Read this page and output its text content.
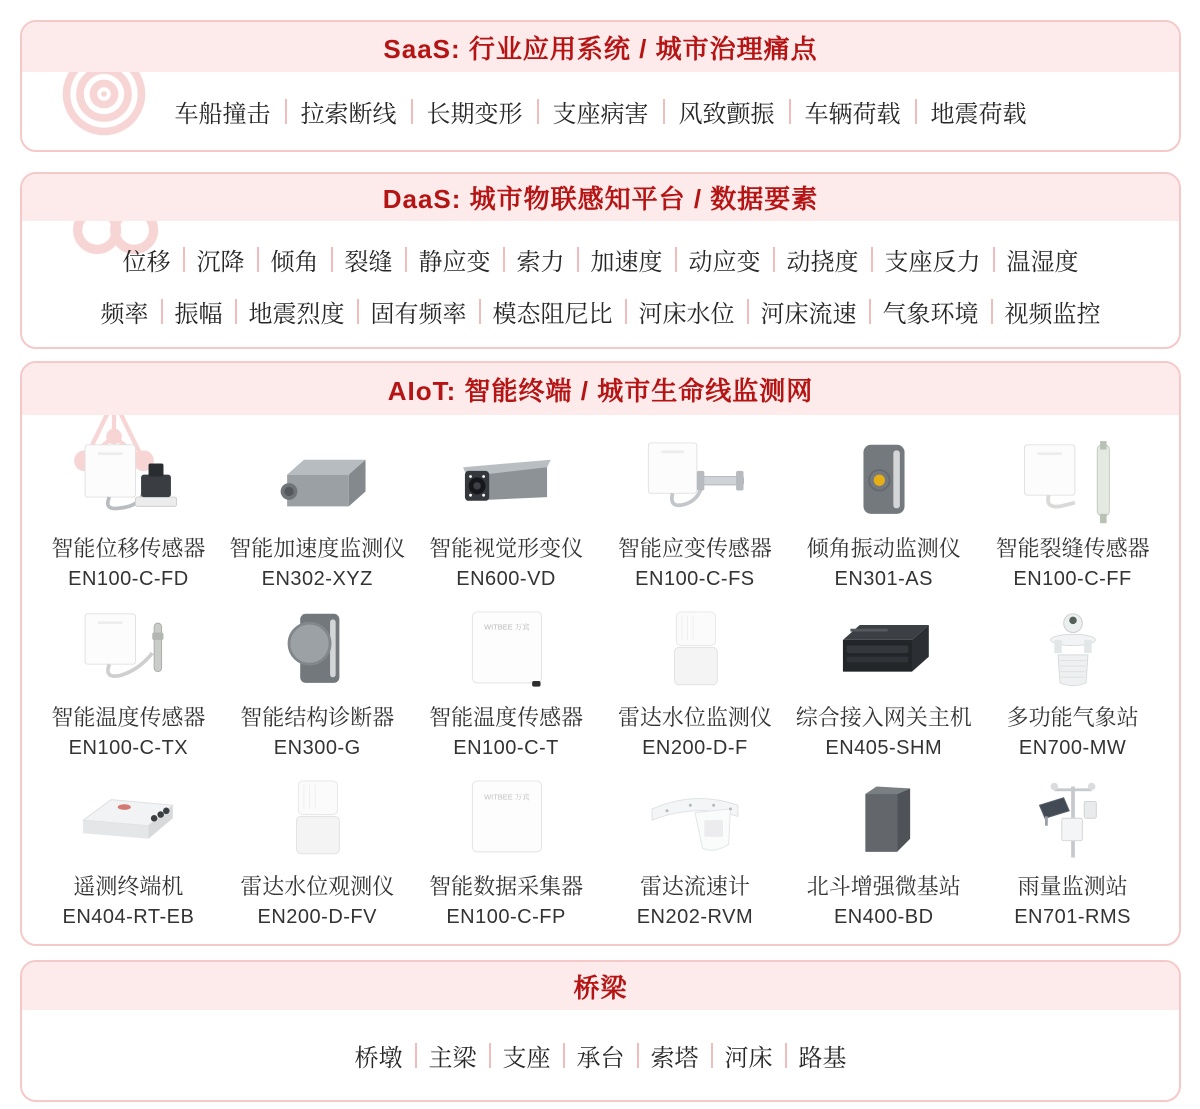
SaaS: 行业应用系统 / 城市治理痛点
车船撞击 拉索断线 长期变形 支座病害 风致颤振 车辆荷载 地震荷载
DaaS: 城市物联感知平台 / 数据要素
位移 沉降 倾角 裂缝 静应变 索力 加速度 动应变 动挠度 支座反力 温湿度
频率 振幅 地震烈度 固有频率 模态阻尼比 河床水位 河床流速 气象环境 视频监控
AIoT: 智能终端 / 城市生命线监测网
智能位移传感器
EN100-C-FD
智能加速度监测仪
EN302-XYZ
智能视觉形变仪
EN600-VD
智能应变传感器
EN100-C-FS
倾角振动监测仪
EN301-AS
智能裂缝传感器
EN100-C-FF
智能温度传感器
EN100-C-TX
智能结构诊断器
EN300-G
WITBEE 万宾
智能温度传感器
EN100-C-T
雷达水位监测仪
EN200-D-F
综合接入网关主机
EN405-SHM
多功能气象站
EN700-MW
遥测终端机
EN404-RT-EB
雷达水位观测仪
EN200-D-FV
WITBEE 万宾
智能数据采集器
EN100-C-FP
雷达流速计
EN202-RVM
北斗增强微基站
EN400-BD
雨量监测站
EN701-RMS
桥梁
桥墩 主梁 支座 承台 索塔 河床 路基
